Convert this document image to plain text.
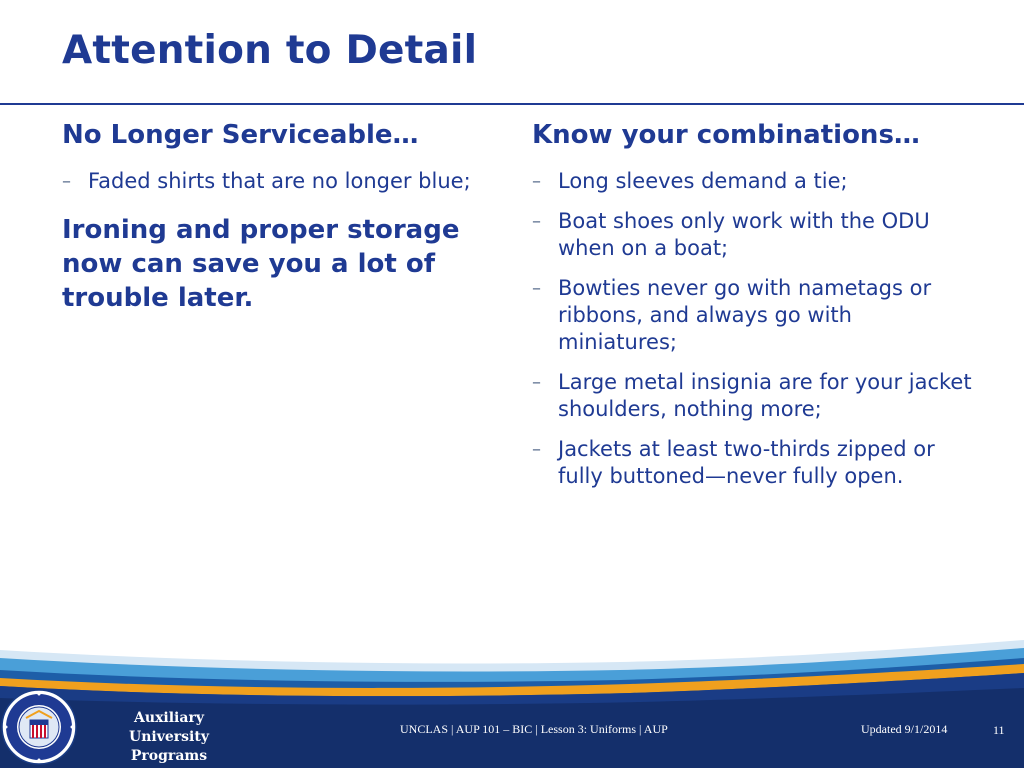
Attention to Detail
No Longer Serviceable…
– Faded shirts that are no longer blue;
Ironing and proper storage now can save you a lot of trouble later.
Know your combinations…
– Long sleeves demand a tie;
– Boat shoes only work with the ODU when on a boat;
– Bowties never go with nametags or ribbons, and always go with miniatures;
– Large metal insignia are for your jacket shoulders, nothing more;
– Jackets at least two-thirds zipped or fully buttoned—never fully open.
Auxiliary
University Programs
UNCLAS | AUP 101 – BIC | Lesson 3: Uniforms | AUP	Updated 9/1/2014	11
